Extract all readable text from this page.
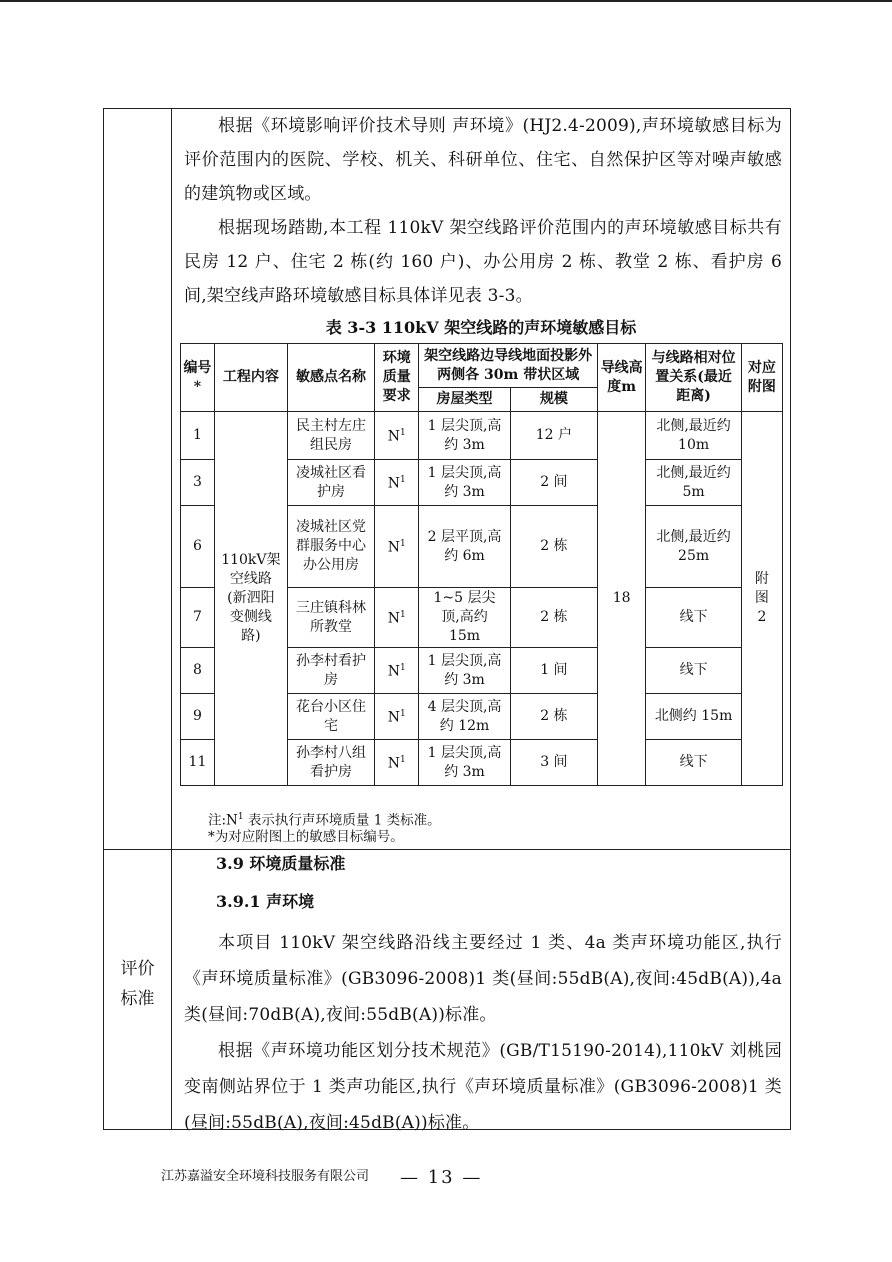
根据《环境影响评价技术导则 声环境》(HJ2.4-2009),声环境敏感目标为评价范围内的医院、学校、机关、科研单位、住宅、自然保护区等对噪声敏感的建筑物或区域。

根据现场踏勘,本工程 110kV 架空线路评价范围内的声环境敏感目标共有民房 12 户、住宅 2 栋(约 160 户)、办公用房 2 栋、教堂 2 栋、看护房 6 间,架空线声路环境敏感目标具体详见表 3-3。

表 3-3 110kV 架空线路的声环境敏感目标

编号*	工程内容	敏感点名称	环境质量要求	架空线路边导线地面投影外两侧各 30m 带状区域		导线高度m	与线路相对位置关系(最近距离)	对应附图
				房屋类型	规模			
1	110kV架空线路(新泗阳变侧线路)	民主村左庄组民房	$N^1$	1 层尖顶,高约 3m	12 户	18	北侧,最近约 10m	附图2
3		凌城社区看护房	$N^1$	1 层尖顶,高约 3m	2 间		北侧,最近约 5m	
6		凌城社区党群服务中心办公用房	$N^1$	2 层平顶,高约 6m	2 栋		北侧,最近约 25m	
7		三庄镇科林所教堂	$N^1$	1~5 层尖顶,高约15m	2 栋		线下	
8		孙李村看护房	$N^1$	1 层尖顶,高约 3m	1 间		线下	
9		花台小区住宅	$N^1$	4 层尖顶,高约 12m	2 栋		北侧约 15m	
11		孙李村八组看护房	$N^1$	1 层尖顶,高约 3m	3 间		线下	
注$:N^1$ 表示执行声环境质量 1 类标准。
*为对应附图上的敏感目标编号。
评价
标准
3.9 环境质量标准
3.9.1 声环境

本项目 110kV 架空线路沿线主要经过 1 类、4a 类声环境功能区,执行《声环境质量标准》(GB3096-2008)1 类(昼间:55dB(A),夜间:45dB(A)),4a 类(昼间:70dB(A),夜间:55dB(A))标准。

根据《声环境功能区划分技术规范》(GB/T15190-2014),110kV 刘桃园变南侧站界位于 1 类声功能区,执行《声环境质量标准》(GB3096-2008)1 类(昼间:55dB(A),夜间:45dB(A))标准。

江苏嘉溢安全环境科技服务有限公司 — 13 —
